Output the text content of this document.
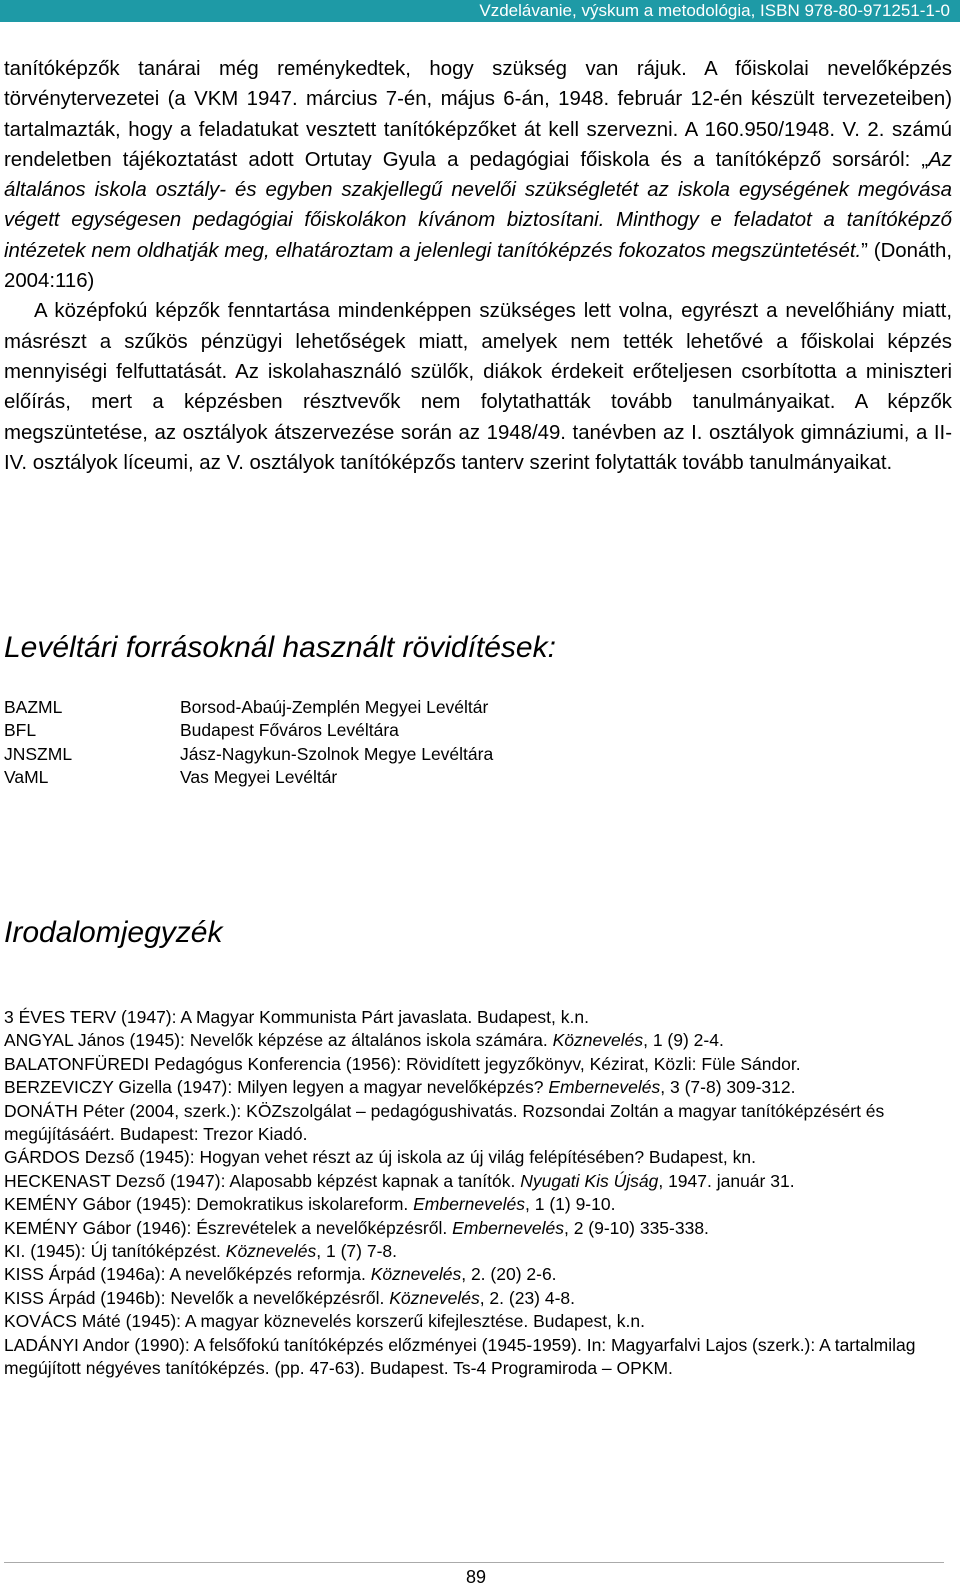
Vzdelávanie, výskum a metodológia, ISBN 978-80-971251-1-0

tanítóképzők tanárai még reménykedtek, hogy szükség van rájuk. A főiskolai nevelőképzés törvénytervezetei (a VKM 1947. március 7-én, május 6-án, 1948. február 12-én készült tervezeteiben) tartalmazták, hogy a feladatukat vesztett tanítóképzőket át kell szervezni. A 160.950/1948. V. 2. számú rendeletben tájékoztatást adott Ortutay Gyula a pedagógiai főiskola és a tanítóképző sorsáról: „Az általános iskola osztály- és egyben szakjellegű nevelői szükségletét az iskola egységének megóvása végett egységesen pedagógiai főiskolákon kívánom biztosítani. Minthogy e feladatot a tanítóképző intézetek nem oldhatják meg, elhatároztam a jelenlegi tanítóképzés fokozatos megszüntetését.” (Donáth, 2004:116)

A középfokú képzők fenntartása mindenképpen szükséges lett volna, egyrészt a nevelőhiány miatt, másrészt a szűkös pénzügyi lehetőségek miatt, amelyek nem tették lehetővé a főiskolai képzés mennyiségi felfuttatását. Az iskolahasználó szülők, diákok érdekeit erőteljesen csorbította a miniszteri előírás, mert a képzésben résztvevők nem folytathatták tovább tanulmányaikat. A képzők megszüntetése, az osztályok átszervezése során az 1948/49. tanévben az I. osztályok gimnáziumi, a II-IV. osztályok líceumi, az V. osztályok tanítóképzős tanterv szerint folytatták tovább tanulmányaikat.

Levéltári forrásoknál használt rövidítések:
BAZML	Borsod-Abaúj-Zemplén Megyei Levéltár
BFL	Budapest Főváros Levéltára
JNSZML	Jász-Nagykun-Szolnok Megye Levéltára
VaML	Vas Megyei Levéltár
Irodalomjegyzék

3 ÉVES TERV (1947): A Magyar Kommunista Párt javaslata. Budapest, k.n.

ANGYAL János (1945): Nevelők képzése az általános iskola számára. Köznevelés, 1 (9) 2-4.

BALATONFÜREDI Pedagógus Konferencia (1956): Rövidített jegyzőkönyv, Kézirat, Közli: Füle Sándor.

BERZEVICZY Gizella (1947): Milyen legyen a magyar nevelőképzés? Embernevelés, 3 (7-8) 309-312.

DONÁTH Péter (2004, szerk.): KÖZszolgálat – pedagógushivatás. Rozsondai Zoltán a magyar tanítóképzésért és megújításáért. Budapest: Trezor Kiadó.

GÁRDOS Dezső (1945): Hogyan vehet részt az új iskola az új világ felépítésében? Budapest, kn.

HECKENAST Dezső (1947): Alaposabb képzést kapnak a tanítók. Nyugati Kis Újság, 1947. január 31.

KEMÉNY Gábor (1945): Demokratikus iskolareform. Embernevelés, 1 (1) 9-10.

KEMÉNY Gábor (1946): Észrevételek a nevelőképzésről. Embernevelés, 2 (9-10) 335-338.

KI. (1945): Új tanítóképzést. Köznevelés, 1 (7) 7-8.

KISS Árpád (1946a): A nevelőképzés reformja. Köznevelés, 2. (20) 2-6.

KISS Árpád (1946b): Nevelők a nevelőképzésről. Köznevelés, 2. (23) 4-8.

KOVÁCS Máté (1945): A magyar köznevelés korszerű kifejlesztése. Budapest, k.n.

LADÁNYI Andor (1990): A felsőfokú tanítóképzés előzményei (1945-1959). In: Magyarfalvi Lajos (szerk.): A tartalmilag megújított négyéves tanítóképzés. (pp. 47-63). Budapest. Ts-4 Programiroda – OPKM.

89
